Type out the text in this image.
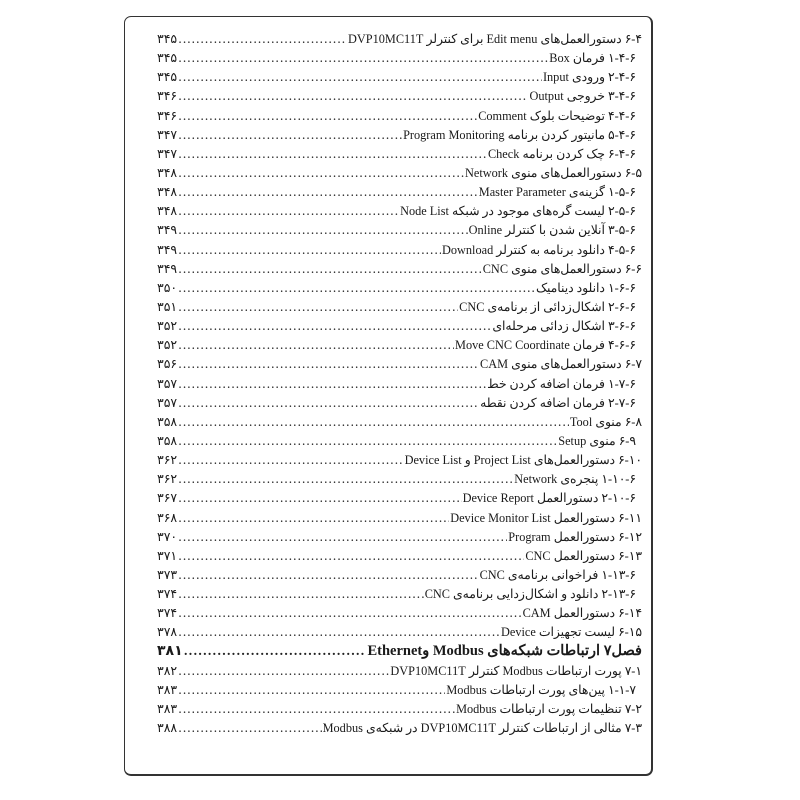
۳۴۵ .....	۶-۴ دستورالعمل‌های Edit menu برای کنترلر DVP10MC11T
۳۴۵ .....	۱-۴-۶ فرمان Box
۳۴۵ .....	۲-۴-۶ ورودی Input
۳۴۶ .....	۳-۴-۶ خروجی Output
۳۴۶ .....	۴-۴-۶ توضیحات بلوک Comment
۳۴۷ .....	۵-۴-۶ مانیتور کردن برنامه Program Monitoring
۳۴۷ .....	۶-۴-۶ چک کردن برنامه Check
۳۴۸ .....	۶-۵ دستورالعمل‌های منوی Network
۳۴۸ .....	۱-۵-۶ گزینه‌ی Master Parameter
۳۴۸ .....	۲-۵-۶ لیست گره‌های موجود در شبکه Node List
۳۴۹ .....	۳-۵-۶ آنلاین شدن با کنترلر Online
۳۴۹ .....	۴-۵-۶ دانلود برنامه به کنترلر Download
۳۴۹ .....	۶-۶ دستورالعمل‌های منوی CNC
۳۵۰ .....	۱-۶-۶ دانلود دینامیک
۳۵۱ .....	۲-۶-۶ اشکال‌زدائی از برنامه‌ی CNC
۳۵۲ .....	۳-۶-۶ اشکال زدائی مرحله‌ای
۳۵۲ .....	۴-۶-۶ فرمان Move CNC Coordinate
۳۵۶ .....	۶-۷ دستورالعمل‌های منوی CAM
۳۵۷ .....	۱-۷-۶ فرمان اضافه کردن خط
۳۵۷ .....	۲-۷-۶ فرمان اضافه کردن نقطه
۳۵۸ .....	۶-۸ منوی Tool
۳۵۸ .....	۶-۹ منوی Setup
۳۶۲ .....	۶-۱۰ دستورالعمل‌های Project List و Device List
۳۶۲ .....	۱-۱۰-۶ پنجره‌ی Network
۳۶۷ .....	۲-۱۰-۶ دستورالعمل Device Report
۳۶۸ .....	۶-۱۱ دستورالعمل Device Monitor List
۳۷۰ .....	۶-۱۲ دستورالعمل Program
۳۷۱ .....	۶-۱۳ دستورالعمل CNC
۳۷۳ .....	۱-۱۳-۶ فراخوانی برنامه‌ی CNC
۳۷۴ .....	۲-۱۳-۶ دانلود و اشکال‌زدایی برنامه‌ی CNC
۳۷۴ .....	۶-۱۴ دستورالعمل CAM
۳۷۸ .....	۶-۱۵ لیست تجهیزات Device
۳۸۱ .....	فصل۷ ارتباطات شبکه‌های Modbus وEthernet
۳۸۲ .....	۷-۱ پورت ارتباطات Modbus کنترلر DVP10MC11T
۳۸۳ .....	۱-۱-۷ پین‌های پورت ارتباطات Modbus
۳۸۳ .....	۷-۲ تنظیمات پورت ارتباطات Modbus
۳۸۸ .....	۷-۳ مثالی از ارتباطات کنترلر DVP10MC11T در شبکه‌ی Modbus
